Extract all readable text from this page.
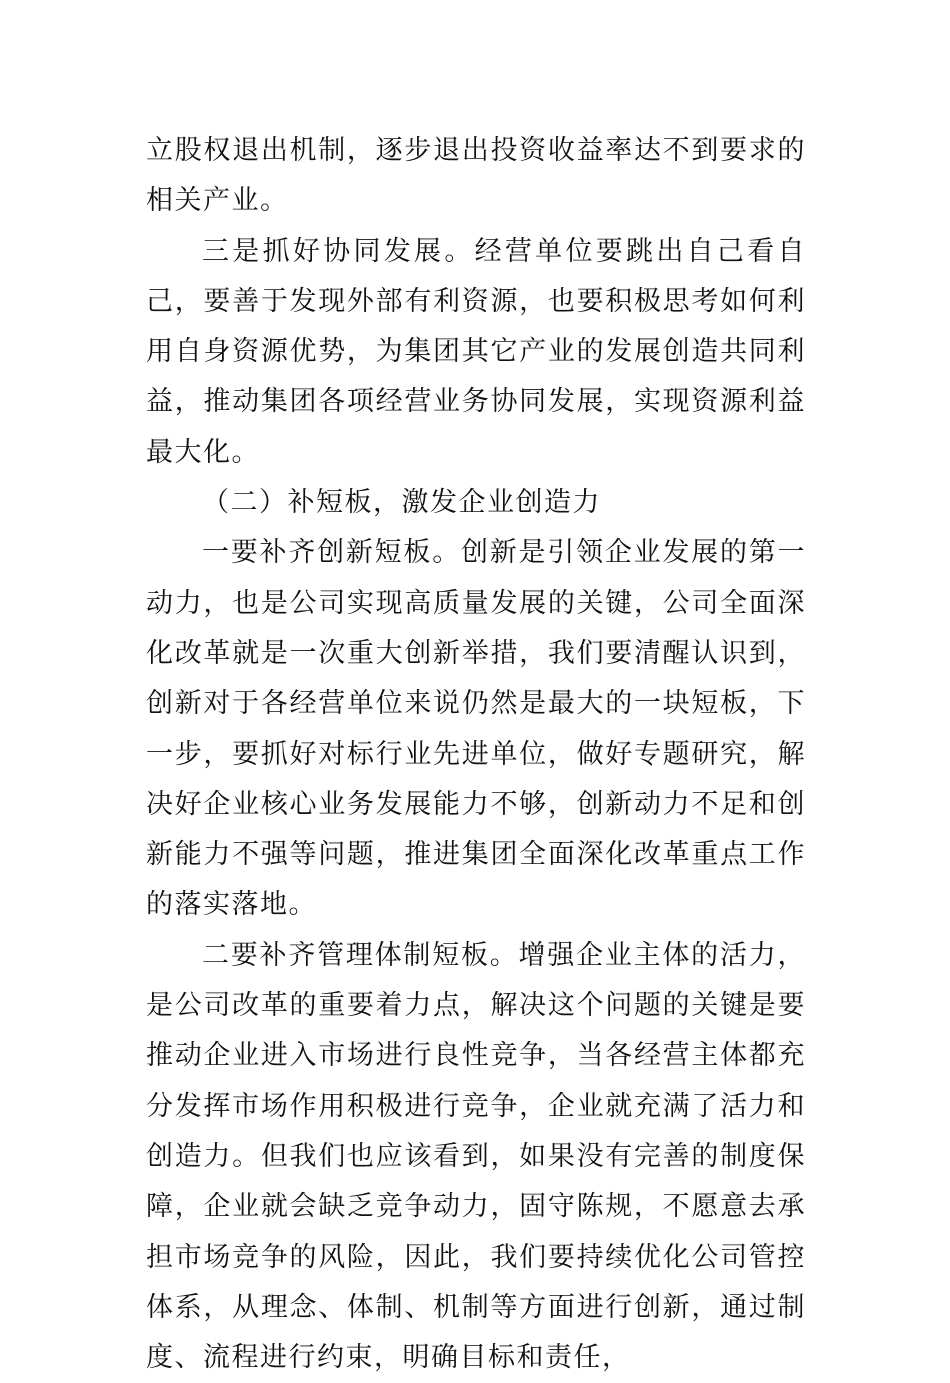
立股权退出机制，逐步退出投资收益率达不到要求的相关产业。

三是抓好协同发展。经营单位要跳出自己看自己，要善于发现外部有利资源，也要积极思考如何利用自身资源优势，为集团其它产业的发展创造共同利益，推动集团各项经营业务协同发展，实现资源利益最大化。

（二）补短板，激发企业创造力

一要补齐创新短板。创新是引领企业发展的第一动力，也是公司实现高质量发展的关键，公司全面深化改革就是一次重大创新举措，我们要清醒认识到，创新对于各经营单位来说仍然是最大的一块短板，下一步，要抓好对标行业先进单位，做好专题研究，解决好企业核心业务发展能力不够，创新动力不足和创新能力不强等问题，推进集团全面深化改革重点工作的落实落地。

二要补齐管理体制短板。增强企业主体的活力，是公司改革的重要着力点，解决这个问题的关键是要推动企业进入市场进行良性竞争，当各经营主体都充分发挥市场作用积极进行竞争，企业就充满了活力和创造力。但我们也应该看到，如果没有完善的制度保障，企业就会缺乏竞争动力，固守陈规，不愿意去承担市场竞争的风险，因此，我们要持续优化公司管控体系，从理念、体制、机制等方面进行创新，通过制度、流程进行约束，明确目标和责任，
